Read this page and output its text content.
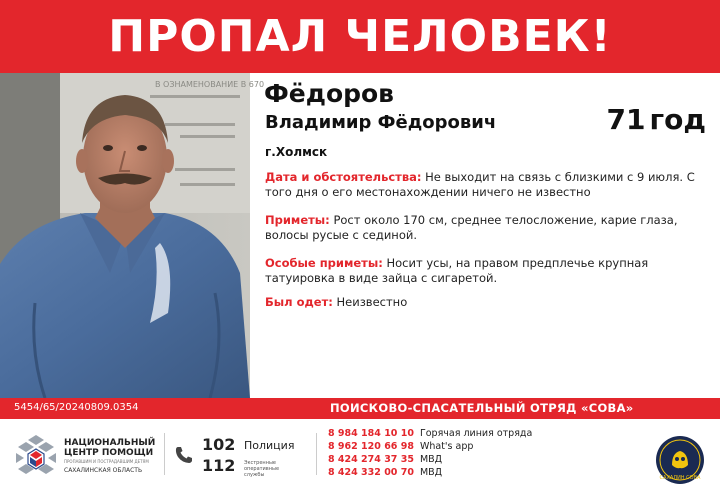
ПРОПАЛ ЧЕЛОВЕК!
В ОЗНАМЕНОВАНИЕ В 670 Фёдоров
Владимир Фёдорович	71 год
г.Холмск
Дата и обстоятельства: Не выходит на связь с близкими с 9 июля. С того дня о его местонахождении ничего не известно
Приметы: Рост около 170 см, среднее телосложение, карие глаза, волосы русые с сединой.
Особые приметы: Носит усы, на правом предплечье крупная татуировка в виде зайца с сигаретой.
Был одет: Неизвестно
5454/65/20240809.0354	ПОИСКОВО-СПАСАТЕЛЬНЫЙ ОТРЯД «СОВА»
НАЦИОНАЛЬНЫЙ
ЦЕНТР ПОМОЩИ
ПРОПАВШИМ И ПОСТРАДАВШИМ ДЕТЯМ
САХАЛИНСКАЯ ОБЛАСТЬ
102 Полиция
112 Экстренные оперативные службы
8 984 184 10 10 Горячая линия отряда
8 962 120 66 98 What's app
8 424 274 37 35 МВД
8 424 332 00 70 МВД	САХАЛИН СОВА
